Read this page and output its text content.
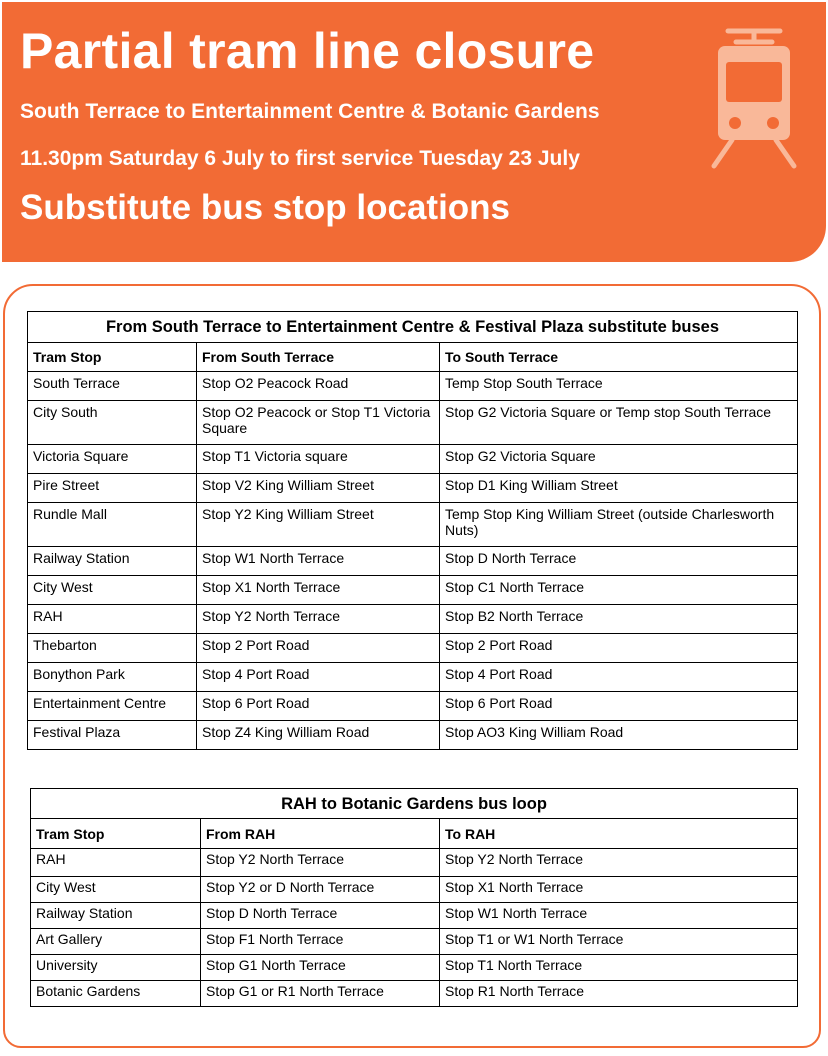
Partial tram line closure
South Terrace to Entertainment Centre & Botanic Gardens
11.30pm Saturday 6 July to first service Tuesday 23 July
Substitute bus stop locations
From South Terrace to Entertainment Centre & Festival Plaza substitute buses		
Tram Stop	From South Terrace	To South Terrace
South Terrace	Stop O2 Peacock Road	Temp Stop South Terrace
City South	Stop O2 Peacock or Stop T1 Victoria Square	Stop G2 Victoria Square or Temp stop South Terrace
Victoria Square	Stop T1 Victoria square	Stop G2 Victoria Square
Pire Street	Stop V2 King William Street	Stop D1 King William Street
Rundle Mall	Stop Y2 King William Street	Temp Stop King William Street (outside Charlesworth Nuts)
Railway Station	Stop W1 North Terrace	Stop D North Terrace
City West	Stop X1 North Terrace	Stop C1 North Terrace
RAH	Stop Y2 North Terrace	Stop B2 North Terrace
Thebarton	Stop 2 Port Road	Stop 2 Port Road
Bonython Park	Stop 4 Port Road	Stop 4 Port Road
Entertainment Centre	Stop 6 Port Road	Stop 6 Port Road
Festival Plaza	Stop Z4 King William Road	Stop AO3 King William Road
RAH to Botanic Gardens bus loop		
Tram Stop	From RAH	To RAH
RAH	Stop Y2 North Terrace	Stop Y2 North Terrace
City West	Stop Y2 or D North Terrace	Stop X1 North Terrace
Railway Station	Stop D North Terrace	Stop W1 North Terrace
Art Gallery	Stop F1 North Terrace	Stop T1 or W1 North Terrace
University	Stop G1 North Terrace	Stop T1 North Terrace
Botanic Gardens	Stop G1 or R1 North Terrace	Stop R1 North Terrace
